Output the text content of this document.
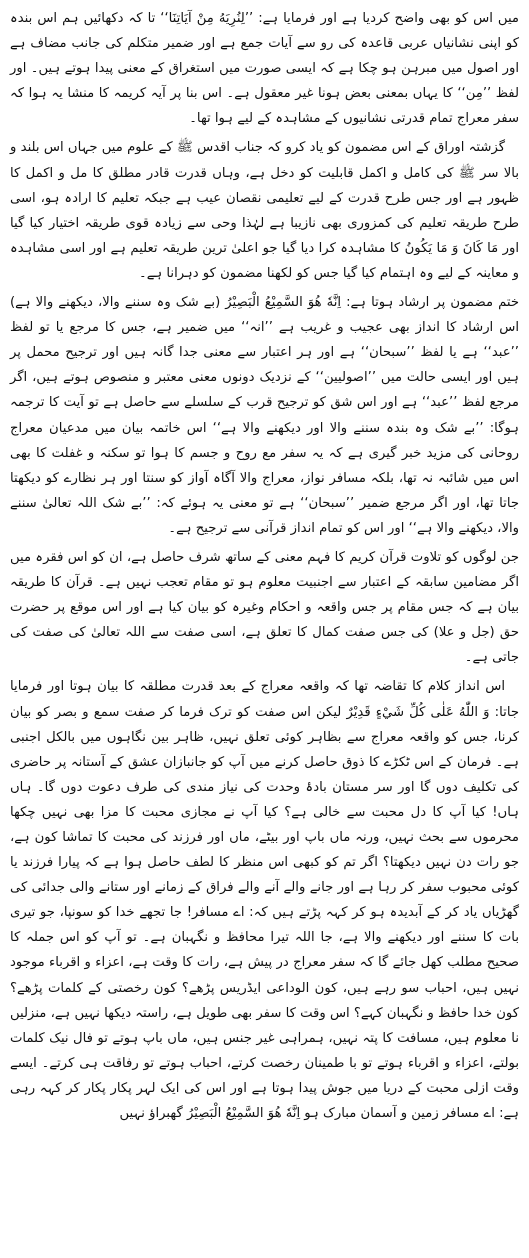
میں اس کو بھی واضح کردیا ہے اور فرمایا ہے: ’’لِنُرِيَهُ مِنْ آيَاتِنَا‘‘ تا کہ دکھائیں ہم اس بندہ کو اپنی نشانیاں عربی قاعدہ کی رو سے آیات جمع ہے اور ضمیر متکلم کی جانب مضاف ہے اور اصول میں مبرہن ہو چکا ہے کہ ایسی صورت میں استغراق کے معنی پیدا ہوتے ہیں۔ اور لفظ ’’مِن‘‘ کا یہاں بمعنی بعض ہونا غیر معقول ہے۔ اس بنا پر آیہ کریمہ کا منشا یہ ہوا کہ سفر معراج تمام قدرتی نشانیوں کے مشاہدہ کے لیے ہوا تھا۔

گزشتہ اوراق کے اس مضمون کو یاد کرو کہ جناب اقدس ﷺ کے علوم میں جہاں اس بلند و بالا سر ﷺ کی کامل و اکمل قابلیت کو دخل ہے، وہاں قدرت قادر مطلق کا مل و اکمل کا ظہور ہے اور جس طرح قدرت کے لیے تعلیمی نقصان عیب ہے جبکہ تعلیم کا ارادہ ہو، اسی طرح طریقہ تعلیم کی کمزوری بھی نازیبا ہے لہٰذا وحی سے زیادہ قوی طریقہ اختیار کیا گیا اور مَا كَانَ وَ مَا يَكُونُ کا مشاہدہ کرا دیا گیا جو اعلیٰ ترین طریقہ تعلیم ہے اور اسی مشاہدہ و معاینہ کے لیے وہ اہتمام کیا گیا جس کو لکھنا مضمون کو دہرانا ہے۔

ختم مضمون پر ارشاد ہوتا ہے: اِنَّهٗ هُوَ السَّمِيْعُ الْبَصِيْرُ (بے شک وہ سننے والا، دیکھنے والا ہے) اس ارشاد کا انداز بھی عجیب و غریب ہے ’’انہ‘‘ میں ضمیر ہے، جس کا مرجع یا تو لفظ ’’عبد‘‘ ہے یا لفظ ’’سبحان‘‘ ہے اور ہر اعتبار سے معنی جدا گانہ ہیں اور ترجیح محمل پر ہیں اور ایسی حالت میں ’’اصولیین‘‘ کے نزدیک دونوں معنی معتبر و منصوص ہوتے ہیں، اگر مرجع لفظ ’’عبد‘‘ ہے اور اس شق کو ترجیح قرب کے سلسلے سے حاصل ہے تو آیت کا ترجمہ ہوگا: ’’بے شک وہ بندہ سننے والا اور دیکھنے والا ہے‘‘ اس خاتمہ بیان میں مدعیان معراج روحانی کی مزید خبر گیری ہے کہ یہ سفر مع روح و جسم کا ہوا تو سکنہ و غفلت کا بھی اس میں شائبہ نہ تھا، بلکہ مسافر نواز، معراج والا آگاہ آواز کو سنتا اور ہر نظارے کو دیکھتا جاتا تھا، اور اگر مرجع ضمیر ’’سبحان‘‘ ہے تو معنی یہ ہوئے کہ: ’’بے شک اللہ تعالیٰ سننے والا، دیکھنے والا ہے‘‘ اور اس کو تمام انداز قرآنی سے ترجیح ہے۔

جن لوگوں کو تلاوت قرآن کریم کا فہم معنی کے ساتھ شرف حاصل ہے، ان کو اس فقرہ میں اگر مضامین سابقہ کے اعتبار سے اجنبیت معلوم ہو تو مقام تعجب نہیں ہے۔ قرآن کا طریقہ بیان ہے کہ جس مقام پر جس واقعہ و احکام وغیرہ کو بیان کیا ہے اور اس موقع پر حضرت حق (جل و علا) کی جس صفت کمال کا تعلق ہے، اسی صفت سے اللہ تعالیٰ کی صفت کی جاتی ہے۔

اس انداز کلام کا تقاضہ تھا کہ واقعہ معراج کے بعد قدرت مطلقہ کا بیان ہوتا اور فرمایا جاتا: وَ اللّٰهُ عَلٰى كُلِّ شَيْءٍ قَدِيْرٌ لیکن اس صفت کو ترک فرما کر صفت سمع و بصر کو بیان کرنا، جس کو واقعہ معراج سے بظاہر کوئی تعلق نہیں، ظاہر بین نگاہوں میں بالکل اجنبی ہے۔ فرمان کے اس ٹکڑے کا ذوق حاصل کرنے میں آپ کو جانبازان عشق کے آستانہ پر حاضری کی تکلیف دوں گا اور سر مستان بادۂ وحدت کی نیاز مندی کی طرف دعوت دوں گا۔ ہاں ہاں! کیا آپ کا دل محبت سے خالی ہے؟ کیا آپ نے مجازی محبت کا مزا بھی نہیں چکھا محرموں سے بحث نہیں، ورنہ ماں باپ اور بیٹے، ماں اور فرزند کی محبت کا تماشا کون ہے، جو رات دن نہیں دیکھتا؟ اگر تم کو کبھی اس منظر کا لطف حاصل ہوا ہے کہ پیارا فرزند یا کوئی محبوب سفر کر رہا ہے اور جانے والے آنے والے فراق کے زمانے اور ستانے والی جدائی کی گھڑیاں یاد کر کے آبدیدہ ہو کر کہہ پڑتے ہیں کہ: اے مسافر! جا تجھے خدا کو سونپا، جو تیری بات کا سننے اور دیکھنے والا ہے، جا اللہ تیرا محافظ و نگہبان ہے۔ تو آپ کو اس جملہ کا صحیح مطلب کھل جائے گا کہ سفر معراج در پیش ہے، رات کا وقت ہے، اعزاء و اقرباء موجود نہیں ہیں، احباب سو رہے ہیں، کون الوداعی ایڈریس پڑھے؟ کون رخصتی کے کلمات پڑھے؟ کون خدا حافظ و نگہبان کہے؟ اس وقت کا سفر بھی طویل ہے، راستہ دیکھا نہیں ہے، منزلیں نا معلوم ہیں، مسافت کا پتہ نہیں، ہمراہی غیر جنس ہیں، ماں باپ ہوتے تو فال نیک کلمات بولتے، اعزاء و اقرباء ہوتے تو با طمینان رخصت کرتے، احباب ہوتے تو رفاقت ہی کرتے۔ ایسے وقت ازلی محبت کے دریا میں جوش پیدا ہوتا ہے اور اس کی ایک لہر پکار پکار کر کہہ رہی ہے: اے مسافر زمین و آسمان مبارک ہو اِنَّهٗ هُوَ السَّمِيْعُ الْبَصِيْرُ گھبراؤ نہیں
